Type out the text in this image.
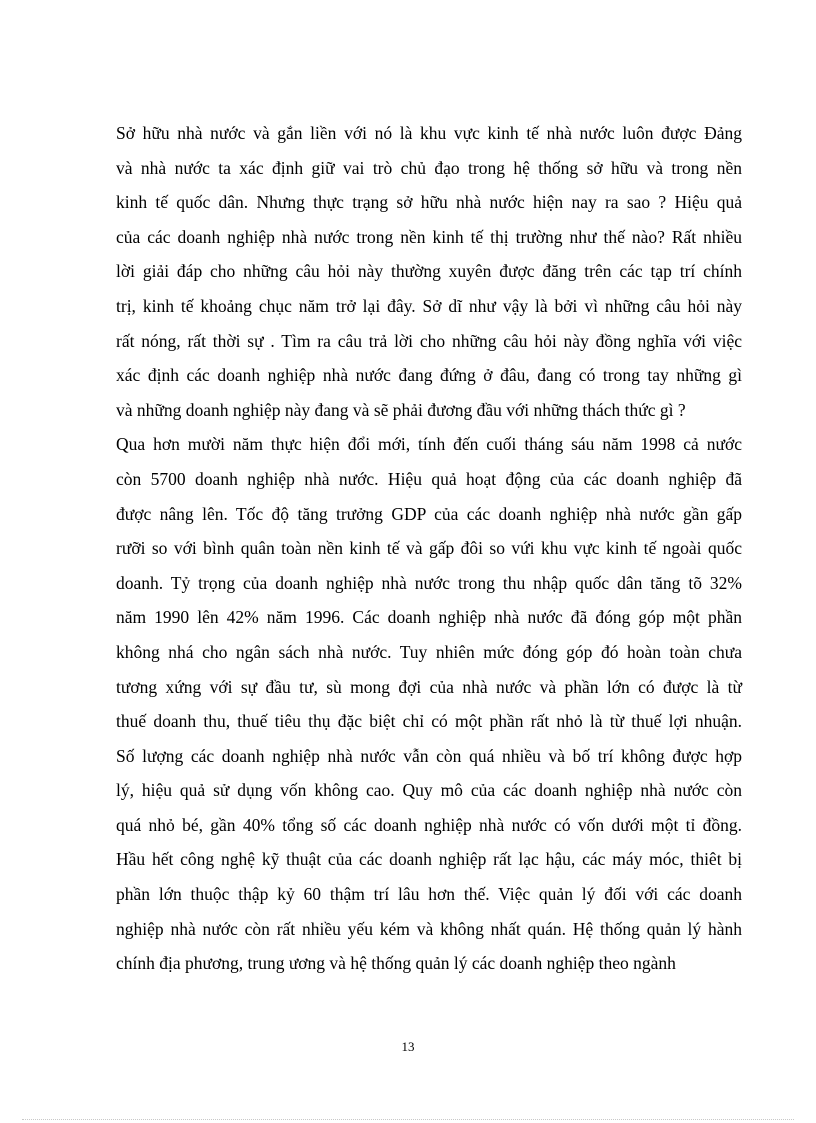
Sở hữu nhà nước và gắn liền với nó là khu vực kinh tế nhà nước luôn được Đảng
và nhà nước ta xác định giữ vai trò chủ đạo trong hệ thống sở hữu và trong nền
kinh tế quốc dân. Nhưng thực trạng sở hữu nhà nước hiện nay ra sao ? Hiệu quả
của các doanh nghiệp nhà nước trong nền kinh tế thị trường như thế nào? Rất nhiều
lời giải đáp cho những câu hỏi này thường xuyên được đăng trên các tạp trí chính
trị, kinh tế khoảng chục năm trở lại đây. Sở dĩ như vậy là bởi vì những câu hỏi này
rất nóng, rất thời sự . Tìm ra câu trả lời cho những câu hỏi này đồng nghĩa với việc
xác định các doanh nghiệp nhà nước đang đứng ở đâu, đang có trong tay những gì
và những doanh nghiệp này đang và sẽ phải đương đầu với những thách thức gì ?
Qua hơn mười năm thực hiện đổi mới, tính đến cuối tháng sáu năm 1998 cả nước
còn 5700 doanh nghiệp nhà nước. Hiệu quả hoạt động của các doanh nghiệp đã
được nâng lên. Tốc độ tăng trưởng GDP của các doanh nghiệp nhà nước gần gấp
rưỡi so với bình quân toàn nền kinh tế và gấp đôi so vứi khu vực kinh tế ngoài quốc
doanh. Tỷ trọng của doanh nghiệp nhà nước trong thu nhập quốc dân tăng tõ 32%
năm 1990 lên 42% năm 1996. Các doanh nghiệp nhà nước đã đóng góp một phần
không nhá cho ngân sách nhà nước. Tuy nhiên mức đóng góp đó hoàn toàn chưa
tương xứng với sự đầu tư, sù mong đợi của nhà nước và phần lớn có được là từ
thuế doanh thu, thuế tiêu thụ đặc biệt chỉ có một phần rất nhỏ là từ thuế lợi nhuận.
Số lượng các doanh nghiệp nhà nước vẫn còn quá nhiều và bố trí không được hợp
lý, hiệu quả sử dụng vốn không cao. Quy mô của các doanh nghiệp nhà nước còn
quá nhỏ bé, gần 40% tổng số các doanh nghiệp nhà nước có vốn dưới một tỉ đồng.
Hầu hết công nghệ kỹ thuật của các doanh nghiệp rất lạc hậu, các máy móc, thiêt bị
phần lớn thuộc thập kỷ 60 thậm trí lâu hơn thế. Việc quản lý đối với các doanh
nghiệp nhà nước còn rất nhiều yếu kém và không nhất quán. Hệ thống quản lý hành
chính địa phương, trung ương và hệ thống quản lý các doanh nghiệp theo ngành
13
